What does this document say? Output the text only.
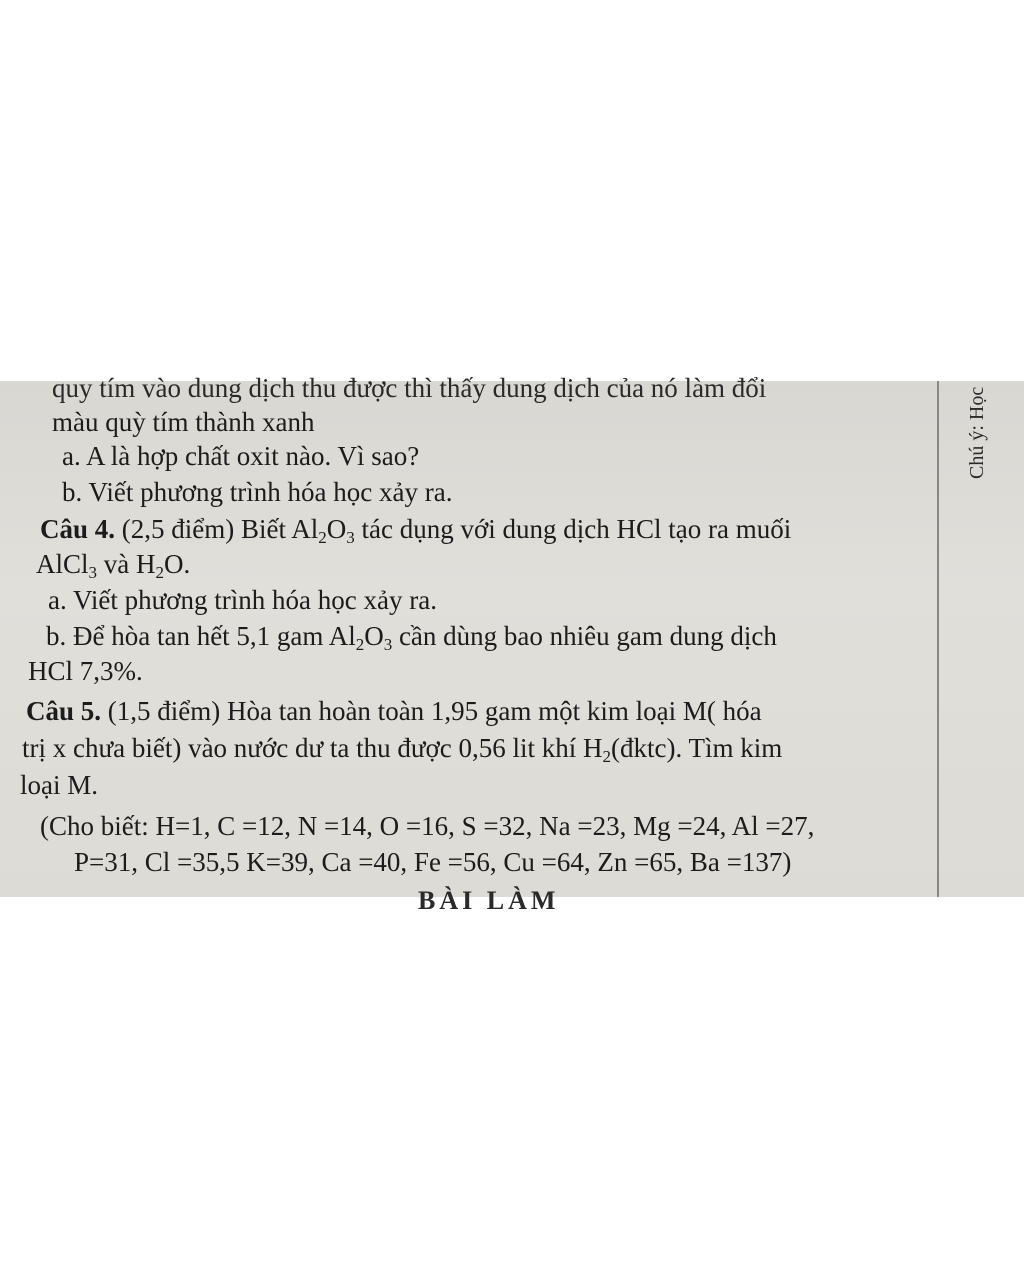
quy tím vào dung dịch thu được thì thấy dung dịch của nó làm đổi
màu quỳ tím thành xanh
a. A là hợp chất oxit nào. Vì sao?
b. Viết phương trình hóa học xảy ra.
Câu 4. (2,5 điểm) Biết $Al_2O_3$ tác dụng với dung dịch HCl tạo ra muối
AlCl$_3$ và $H_2O$.
a. Viết phương trình hóa học xảy ra.
b. Để hòa tan hết 5,1 gam $Al_2O_3$ cần dùng bao nhiêu gam dung dịch
HCl 7,3%.
Câu 5. (1,5 điểm) Hòa tan hoàn toàn 1,95 gam một kim loại M( hóa
trị x chưa biết) vào nước dư ta thu được 0,56 lit khí $H_2(đktc)$. Tìm kim
loại M.
(Cho biết: H=1, C =12, N =14, O =16, S =32, Na =23, Mg =24, Al =27,
P=31, Cl =35,5 K=39, Ca =40, Fe =56, Cu =64, Zn =65, Ba =137)
BÀI LÀM
Chú ý: Học
